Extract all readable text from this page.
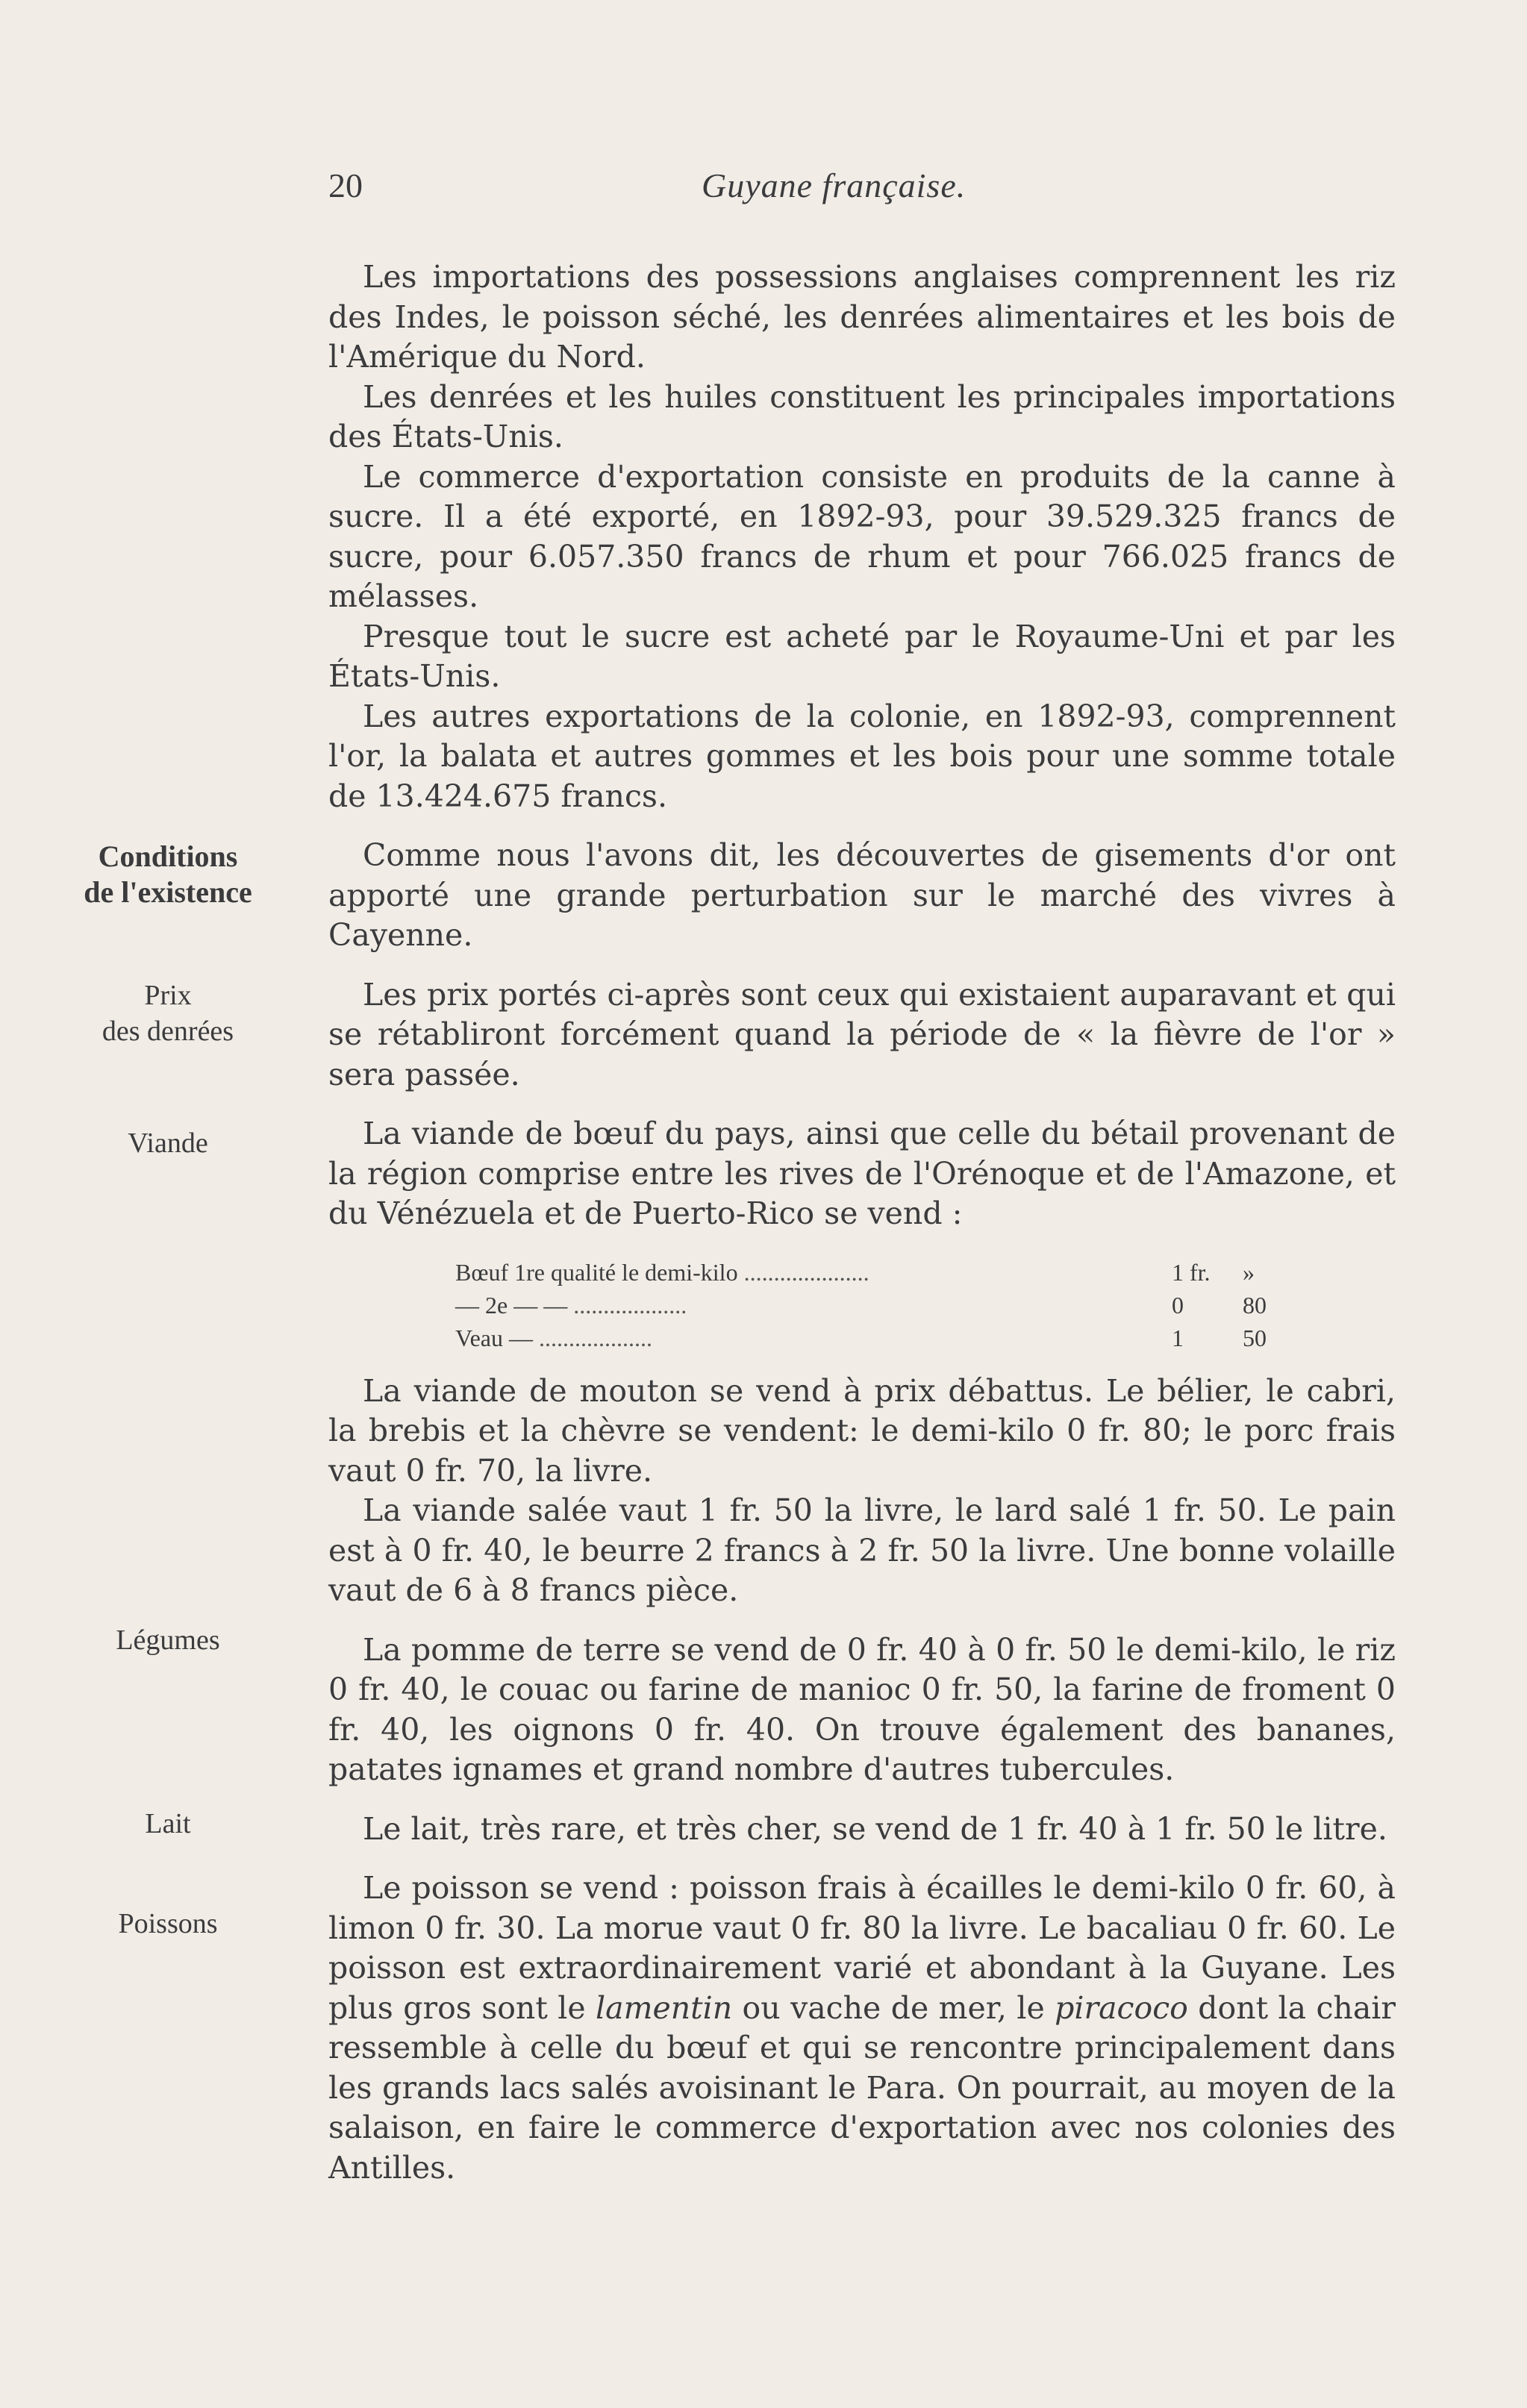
20	Guyane française.
Conditions
de l'existence
Prix
des denrées
Viande
Légumes
Lait
Poissons

Les importations des possessions anglaises comprennent les riz des Indes, le poisson séché, les denrées alimentaires et les bois de l'Amérique du Nord.

Les denrées et les huiles constituent les principales importations des États-Unis.

Le commerce d'exportation consiste en produits de la canne à sucre. Il a été exporté, en 1892-93, pour 39.529.325 francs de sucre, pour 6.057.350 francs de rhum et pour 766.025 francs de mélasses.

Presque tout le sucre est acheté par le Royaume-Uni et par les États-Unis.

Les autres exportations de la colonie, en 1892-93, comprennent l'or, la balata et autres gommes et les bois pour une somme totale de 13.424.675 francs.

Comme nous l'avons dit, les découvertes de gisements d'or ont apporté une grande perturbation sur le marché des vivres à Cayenne.

Les prix portés ci-après sont ceux qui existaient auparavant et qui se rétabliront forcément quand la période de « la fièvre de l'or » sera passée.

La viande de bœuf du pays, ainsi que celle du bétail provenant de la région comprise entre les rives de l'Orénoque et de l'Amazone, et du Vénézuela et de Puerto-Rico se vend :

La viande de mouton se vend à prix débattus. Le bélier, le cabri, la brebis et la chèvre se vendent: le demi-kilo 0 fr. 80; le porc frais vaut 0 fr. 70, la livre.

La viande salée vaut 1 fr. 50 la livre, le lard salé 1 fr. 50. Le pain est à 0 fr. 40, le beurre 2 francs à 2 fr. 50 la livre. Une bonne volaille vaut de 6 à 8 francs pièce.

La pomme de terre se vend de 0 fr. 40 à 0 fr. 50 le demi-kilo, le riz 0 fr. 40, le couac ou farine de manioc 0 fr. 50, la farine de froment 0 fr. 40, les oignons 0 fr. 40. On trouve également des bananes, patates ignames et grand nombre d'autres tubercules.

Le lait, très rare, et très cher, se vend de 1 fr. 40 à 1 fr. 50 le litre.

Le poisson se vend : poisson frais à écailles le demi-kilo 0 fr. 60, à limon 0 fr. 30. La morue vaut 0 fr. 80 la livre. Le bacaliau 0 fr. 60. Le poisson est extraordinairement varié et abondant à la Guyane. Les plus gros sont le lamentin ou vache de mer, le piracoco dont la chair ressemble à celle du bœuf et qui se rencontre principalement dans les grands lacs salés avoisinant le Para. On pourrait, au moyen de la salaison, en faire le commerce d'exportation avec nos colonies des Antilles.

Bœuf 1re qualité le demi-kilo .....................	1 fr. »
— 2e — — ...................	0 80
Veau — ...................	1 50
